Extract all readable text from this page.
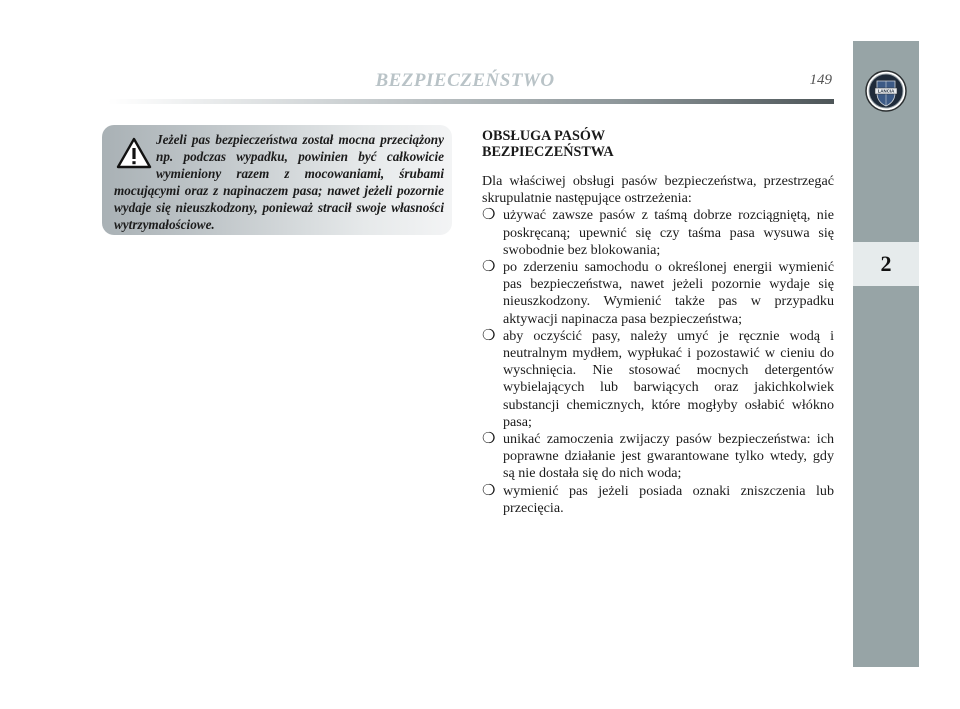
BEZPIECZEŃSTWO	149
LANCIA
2
Jeżeli pas bezpieczeństwa został mocna przeciążony np. podczas wypadku, powinien być całkowicie wymieniony razem z mocowaniami, śrubami mocującymi oraz z napinaczem pasa; nawet jeżeli pozornie wydaje się nieuszkodzony, ponieważ stracił swoje własności wytrzymałościowe.
OBSŁUGA PASÓW
BEZPIECZEŃSTWA

Dla właściwej obsługi pasów bezpieczeństwa, przestrzegać skrupulatnie następujące ostrzeżenia:

❍ używać zawsze pasów z taśmą dobrze rozciągniętą, nie poskręcaną; upewnić się czy taśma pasa wysuwa się swobodnie bez blokowania;
❍ po zderzeniu samochodu o określonej energii wymienić pas bezpieczeństwa, nawet jeżeli pozornie wydaje się nieuszkodzony. Wymienić także pas w przypadku aktywacji napinacza pasa bezpieczeństwa;
❍ aby oczyścić pasy, należy umyć je ręcznie wodą i neutralnym mydłem, wypłukać i pozostawić w cieniu do wyschnięcia. Nie stosować mocnych detergentów wybielających lub barwiących oraz jakichkolwiek substancji chemicznych, które mogłyby osłabić włókno pasa;
❍ unikać zamoczenia zwijaczy pasów bezpieczeństwa: ich poprawne działanie jest gwarantowane tylko wtedy, gdy są nie dostała się do nich woda;
❍ wymienić pas jeżeli posiada oznaki zniszczenia lub przecięcia.
